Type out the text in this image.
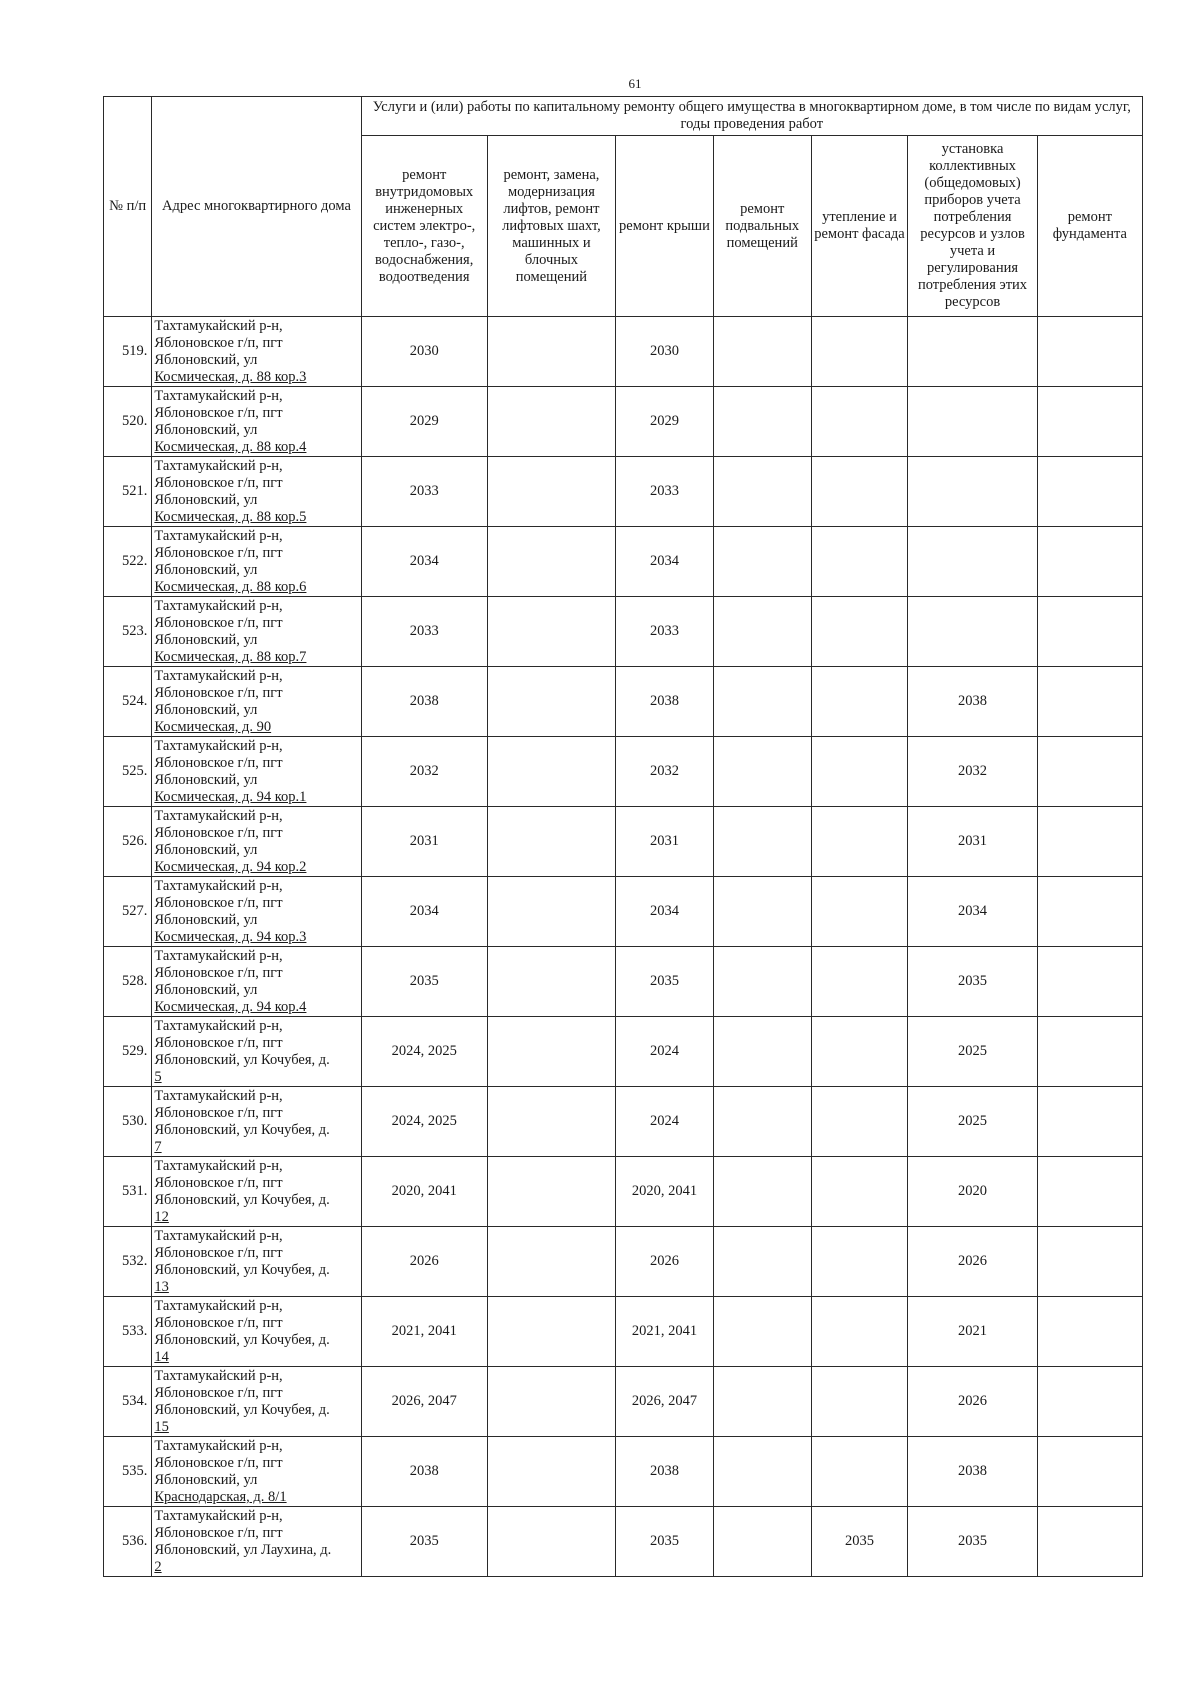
61
№ п/п	Адрес многоквартирного дома	Услуги и (или) работы по капитальному ремонту общего имущества в многоквартирном доме, в том числе по видам услуг, годы проведения работ						
		ремонт внутридомовых инженерных систем электро-, тепло-, газо-, водоснабжения, водоотведения	ремонт, замена, модернизация лифтов, ремонт лифтовых шахт, машинных и блочных помещений	ремонт крыши	ремонт подвальных помещений	утепление и ремонт фасада	установка коллективных (общедомовых) приборов учета потребления ресурсов и узлов учета и регулирования потребления этих ресурсов	ремонт фундамента
519.	Тахтамукайский р-н,
Яблоновское г/п, пгт
Яблоновский, ул
Космическая, д. 88 кор.3	2030		2030				
520.	Тахтамукайский р-н,
Яблоновское г/п, пгт
Яблоновский, ул
Космическая, д. 88 кор.4	2029		2029				
521.	Тахтамукайский р-н,
Яблоновское г/п, пгт
Яблоновский, ул
Космическая, д. 88 кор.5	2033		2033				
522.	Тахтамукайский р-н,
Яблоновское г/п, пгт
Яблоновский, ул
Космическая, д. 88 кор.6	2034		2034				
523.	Тахтамукайский р-н,
Яблоновское г/п, пгт
Яблоновский, ул
Космическая, д. 88 кор.7	2033		2033				
524.	Тахтамукайский р-н,
Яблоновское г/п, пгт
Яблоновский, ул
Космическая, д. 90	2038		2038			2038	
525.	Тахтамукайский р-н,
Яблоновское г/п, пгт
Яблоновский, ул
Космическая, д. 94 кор.1	2032		2032			2032	
526.	Тахтамукайский р-н,
Яблоновское г/п, пгт
Яблоновский, ул
Космическая, д. 94 кор.2	2031		2031			2031	
527.	Тахтамукайский р-н,
Яблоновское г/п, пгт
Яблоновский, ул
Космическая, д. 94 кор.3	2034		2034			2034	
528.	Тахтамукайский р-н,
Яблоновское г/п, пгт
Яблоновский, ул
Космическая, д. 94 кор.4	2035		2035			2035	
529.	Тахтамукайский р-н,
Яблоновское г/п, пгт
Яблоновский, ул Кочубея, д.
5	2024, 2025		2024			2025	
530.	Тахтамукайский р-н,
Яблоновское г/п, пгт
Яблоновский, ул Кочубея, д.
7	2024, 2025		2024			2025	
531.	Тахтамукайский р-н,
Яблоновское г/п, пгт
Яблоновский, ул Кочубея, д.
12	2020, 2041		2020, 2041			2020	
532.	Тахтамукайский р-н,
Яблоновское г/п, пгт
Яблоновский, ул Кочубея, д.
13	2026		2026			2026	
533.	Тахтамукайский р-н,
Яблоновское г/п, пгт
Яблоновский, ул Кочубея, д.
14	2021, 2041		2021, 2041			2021	
534.	Тахтамукайский р-н,
Яблоновское г/п, пгт
Яблоновский, ул Кочубея, д.
15	2026, 2047		2026, 2047			2026	
535.	Тахтамукайский р-н,
Яблоновское г/п, пгт
Яблоновский, ул
Краснодарская, д. 8/1	2038		2038			2038	
536.	Тахтамукайский р-н,
Яблоновское г/п, пгт
Яблоновский, ул Лаухина, д.
2	2035		2035		2035	2035	
